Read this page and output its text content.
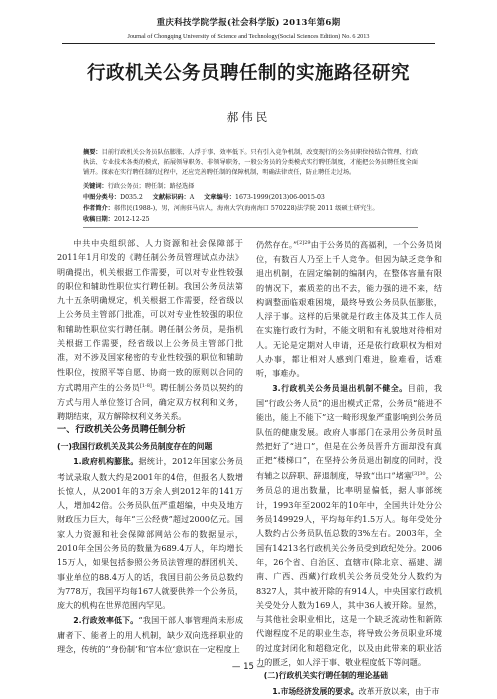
重庆科技学院学报(社会科学版) 2013年第6期
Journal of Chongqing University of Science and Technology(Social Sciences Edition) No. 6 2013
行政机关公务员聘任制的实施路径研究
郝伟民
摘要：目前行政机关公务员队伍膨胀、人浮于事、效率低下。只有引入竞争机制，改变现行的公务员职位按结合管理、行政执法、专业技术各类的模式，拓展领导职务、非领导职务，一般公务员的分类模式实行聘任制度，才能把公务员聘任度全面铺开。探索在实行聘任制的过程中，还应完善聘任制的保障机制，明确法律责任，防止聘任走过场。
关键词：行政公务员；聘任制；路径选择
中图分类号：D035.2 文献标识码：A 文章编号：1673-1999(2013)06-0015-03
作者简介：郝伟民(1988-)，男，河南驻马店人，海南大学(海南海口 570228)法学院 2011 级硕士研究生。
收稿日期：2012-12-25

中共中央组织部、人力资源和社会保障部于2011年1月印发的《聘任制公务员管理试点办法》明确提出，机关根据工作需要，可以对专业性较强的职位和辅助性职位实行聘任制。我国公务员法第九十五条明确规定，机关根据工作需要，经省级以上公务员主管部门批准，可以对专业性较强的职位和辅助性职位实行聘任制。聘任制公务员，是指机关根据工作需要，经省级以上公务员主管部门批准，对不涉及国家秘密的专业性较强的职位和辅助性职位，按照平等自愿、协商一致的原则以合同的方式聘用产生的公务员[1-8]。聘任制公务员以契约的方式与用人单位签订合同，确定双方权利和义务，聘期结束，双方解除权利义务关系。

一、行政机关公务员聘任制分析

(一)我国行政机关及其公务员制度存在的问题

1.政府机构膨胀。据统计，2012年国家公务员考试录取人数大约是2001年的4倍，但报名人数增长惊人，从2001年的3万余人到2012年的141万人，增加42倍。公务员队伍严重超编，中央及地方财政压力巨大，每年“三公经费”超过2000亿元。国家人力资源和社会保障部网站公布的数据显示，2010年全国公务员的数量为689.4万人，年均增长15万人，如果包括参照公务员法管理的群团机关、事业单位的88.4万人的话，我国目前公务员总数约为778万，我国平均每167人就要供养一个公务员，庞大的机构在世界范围内罕见。

2.行政效率低下。“我国干部人事管理尚未形成庸者下、能者上的用人机制，缺少双向选择职业的理念，传统的‘’身份制‘和’官本位‘意识在一定程度上

仍然存在。”$^{[2]29}$由于公务员的高福利，一个公务员岗位，有数百人乃至上千人竞争。但因为缺乏竞争和退出机制，在固定编制的编制内，在整体容量有限的情况下，素质差的出不去，能力强的进不来，结构调整面临艰难困境，最终导致公务员队伍膨胀，人浮于事。这样的后果就是行政主体及其工作人员在实施行政行为时，不能文明和有礼貌地对待相对人。无论是定期对人申请，还是依行政职权为相对人办事，都让相对人感到门难进，脸难看，话难听，事难办。

3.行政机关公务员退出机制不健全。目前，我国“行政公务人员”的退出模式正常，公务员“能进不能出，能上不能下”这一畸形现象严重影响到公务员队伍的健康发展。政府人事部门在录用公务员时虽然把好了“进口”，但是在公务员晋升方面却没有真正把“楼梯口”，在坚持公务员退出制度的同时，没有辅之以辞职、辞退制度，导致“出口”堵塞$^{[3]30}$。公务员总的退出数量，比率明显偏低，据人事部统计，1993年至2002年的10年中，全国共计处分公务员149929人，平均每年约1.5万人。每年受处分人数约占公务员队伍总数的3%左右。2003年，全国有14213名行政机关公务员受到政纪处分。2006年，26个省、自治区、直辖市(除北京、福建、湖南、广西、西藏)行政机关公务员受处分人数约为8327人，其中被开除的有914人，中央国家行政机关受处分人数为169人，其中36人被开除。显然，与其他社会职业相比，这是一个缺乏流动性和新陈代谢程度不足的职业生态，将导致公务员职业环境的过度封闭化和超稳定化，以及由此带来的职业活力的匮乏，如人浮于事、敬业程度低下等问题。

(二)行政机关实行聘任制的理论基础

1.市场经济发展的要求。改革开放以来，由于市

— 15 —
